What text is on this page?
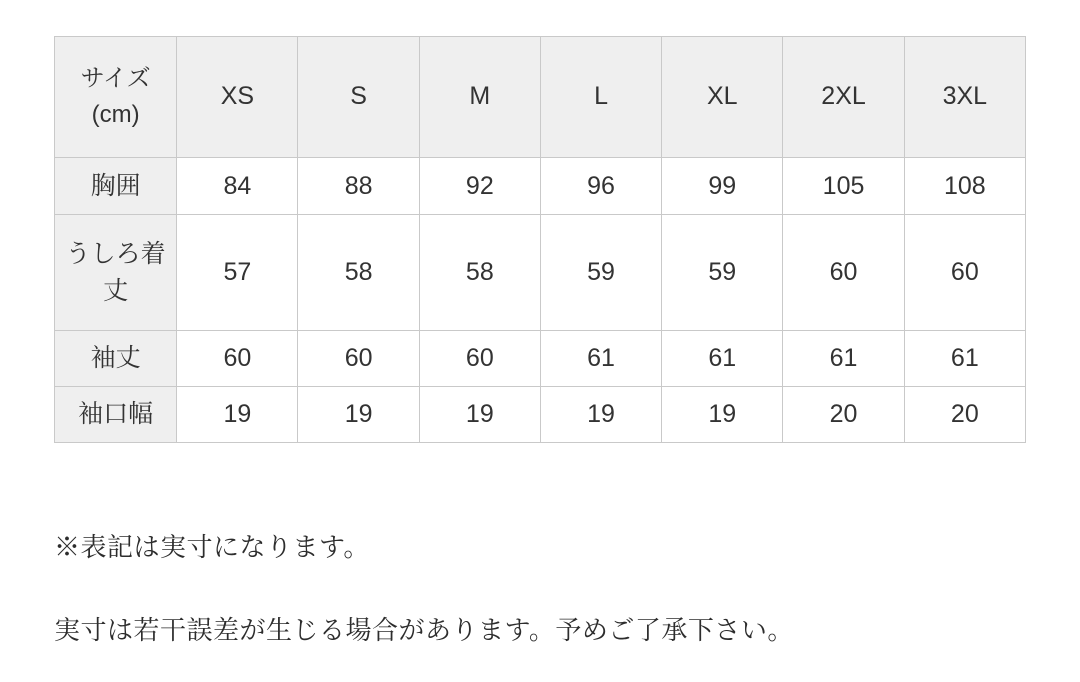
サイズ
(cm)	XS	S	M	L	XL	2XL	3XL
胸囲	84	88	92	96	99	105	108
うしろ着
丈	57	58	58	59	59	60	60
袖丈	60	60	60	61	61	61	61
袖口幅	19	19	19	19	19	20	20
※表記は実寸になります。
実寸は若干誤差が生じる場合があります。予めご了承下さい。
